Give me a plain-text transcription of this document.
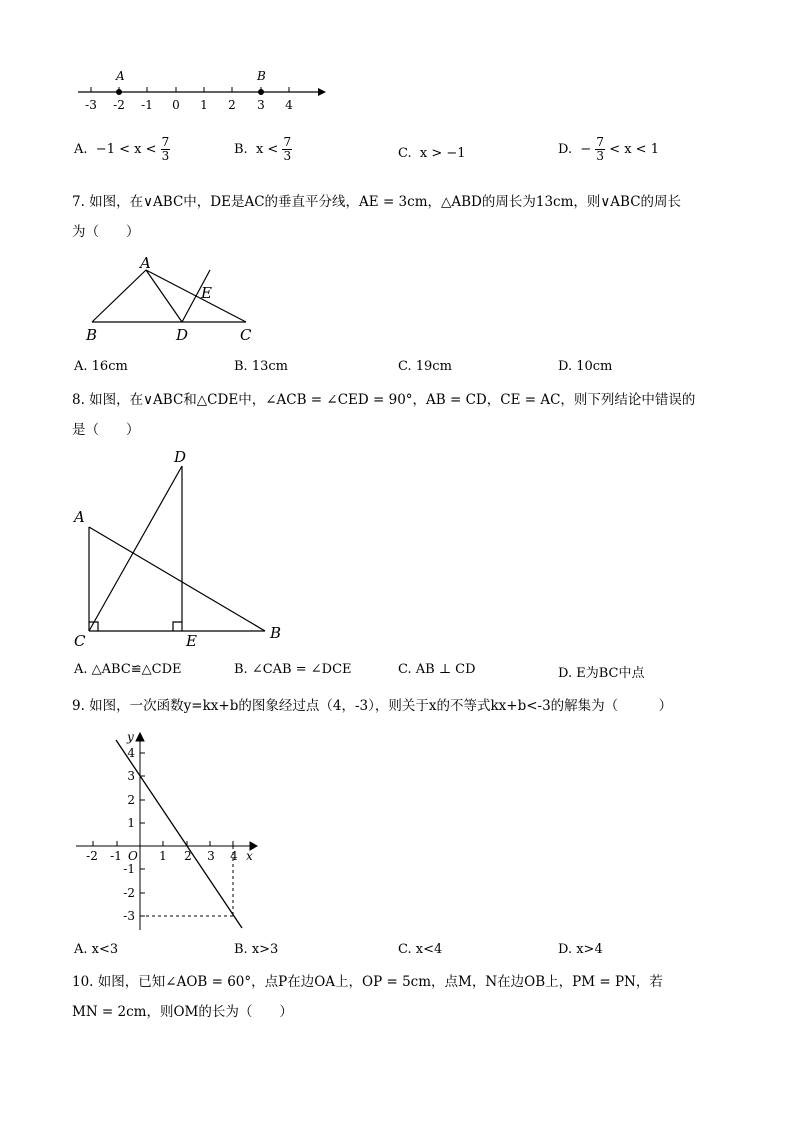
A	B
-3 -2 -1 0 1 2 3 4
A. $-1 < x < \frac{7}{3}$	B. $x < \frac{7}{3}$	C. x > −1	D. − $\frac{7}{3} < x < 1$
7. 如图，在∨ABC中，DE是AC的垂直平分线，AE = 3cm，△ABD的周长为13cm，则∨ABC的周长
为（　　）
A
B	C
D
E
A. 16cm	B. 13cm	C. 19cm	D. 10cm
8. 如图，在∨ABC和△CDE中，∠ACB = ∠CED = 90°，AB = CD，CE = AC，则下列结论中错误的
是（　　）
A
B
C
D
E
A. △ABC≌△CDE	B. ∠CAB = ∠DCE	C. AB ⊥ CD	D. E为BC中点
9. 如图，一次函数y=kx+b的图象经过点（4，-3），则关于x的不等式kx+b<-3的解集为（　　　）
y
x
O
4
3
2
1
-1
-2
-3
-2 -1	1 2 3 4
A. x<3	B. x>3	C. x<4	D. x>4
10. 如图，已知∠AOB = 60°，点P在边OA上，OP = 5cm，点M，N在边OB上，PM = PN，若
MN = 2cm，则OM的长为（　　）
